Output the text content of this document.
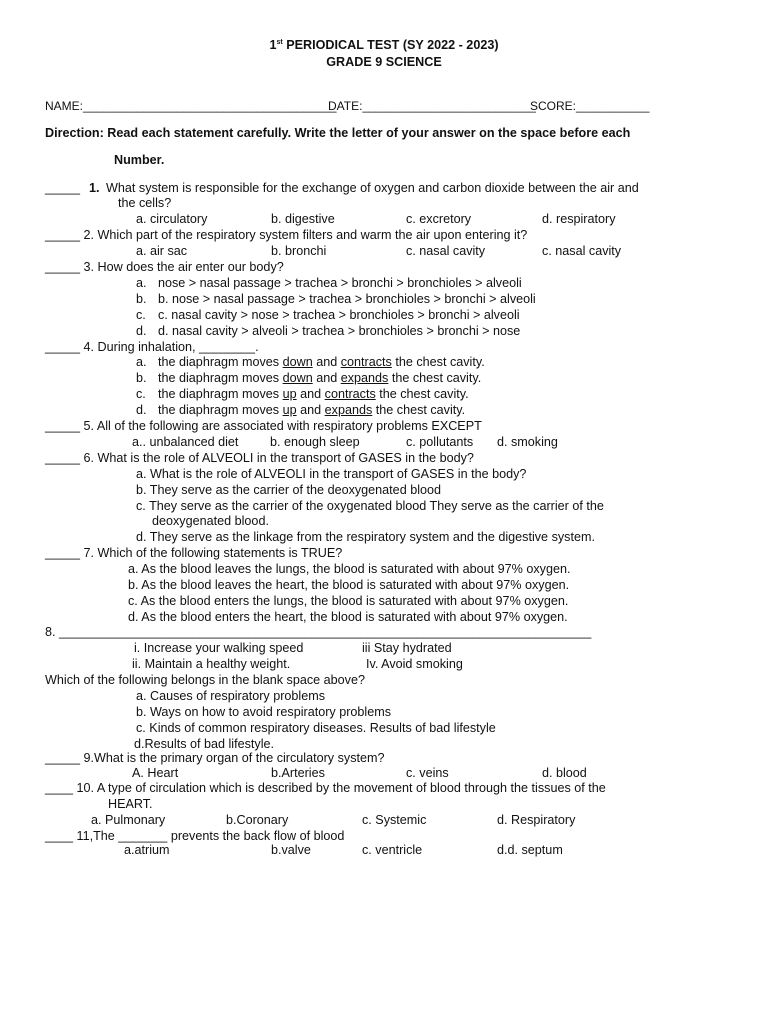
1st PERIODICAL TEST (SY 2022 - 2023)
GRADE 9 SCIENCE
NAME:______________________________________
DATE:__________________________
SCORE:___________
Direction: Read each statement carefully. Write the letter of your answer on the space before each
Number.
_____ 1. What system is responsible for the exchange of oxygen and carbon dioxide between the air and
the cells?
a. circulatory	b. digestive	c. excretory	d. respiratory
_____ 2. Which part of the respiratory system filters and warm the air upon entering it?
a. air sac	b. bronchi	c. nasal cavity	c. nasal cavity
_____ 3. How does the air enter our body?
a. nose > nasal passage > trachea > bronchi > bronchioles > alveoli
b. b. nose > nasal passage > trachea > bronchioles > bronchi > alveoli
c. c. nasal cavity > nose > trachea > bronchioles > bronchi > alveoli
d. d. nasal cavity > alveoli > trachea > bronchioles > bronchi > nose
_____ 4. During inhalation, ________.
a. the diaphragm moves down and contracts the chest cavity.
b. the diaphragm moves down and expands the chest cavity.
c. the diaphragm moves up and contracts the chest cavity.
d. the diaphragm moves up and expands the chest cavity.
_____ 5. All of the following are associated with respiratory problems EXCEPT
a.. unbalanced diet	b. enough sleep	c. pollutants d. smoking
_____ 6. What is the role of ALVEOLI in the transport of GASES in the body?
a. What is the role of ALVEOLI in the transport of GASES in the body?
b. They serve as the carrier of the deoxygenated blood
c. They serve as the carrier of the oxygenated blood They serve as the carrier of the
deoxygenated blood.
d. They serve as the linkage from the respiratory system and the digestive system.
_____ 7. Which of the following statements is TRUE?
a. As the blood leaves the lungs, the blood is saturated with about 97% oxygen.
b. As the blood leaves the heart, the blood is saturated with about 97% oxygen.
c. As the blood enters the lungs, the blood is saturated with about 97% oxygen.
d. As the blood enters the heart, the blood is saturated with about 97% oxygen.
8. ____________________________________________________________________________
i. Increase your walking speed	iii Stay hydrated
ii. Maintain a healthy weight.	Iv. Avoid smoking
Which of the following belongs in the blank space above?
a. Causes of respiratory problems
b. Ways on how to avoid respiratory problems
c. Kinds of common respiratory diseases. Results of bad lifestyle
d.Results of bad lifestyle.
_____ 9.What is the primary organ of the circulatory system?
A. Heart	b.Arteries	c. veins	d. blood
____ 10. A type of circulation which is described by the movement of blood through the tissues of the
HEART.
a. Pulmonary	b.Coronary	c. Systemic	d. Respiratory
____ 11,The _______ prevents the back flow of blood
a.atrium	b.valve	c. ventricle	d.d. septum
